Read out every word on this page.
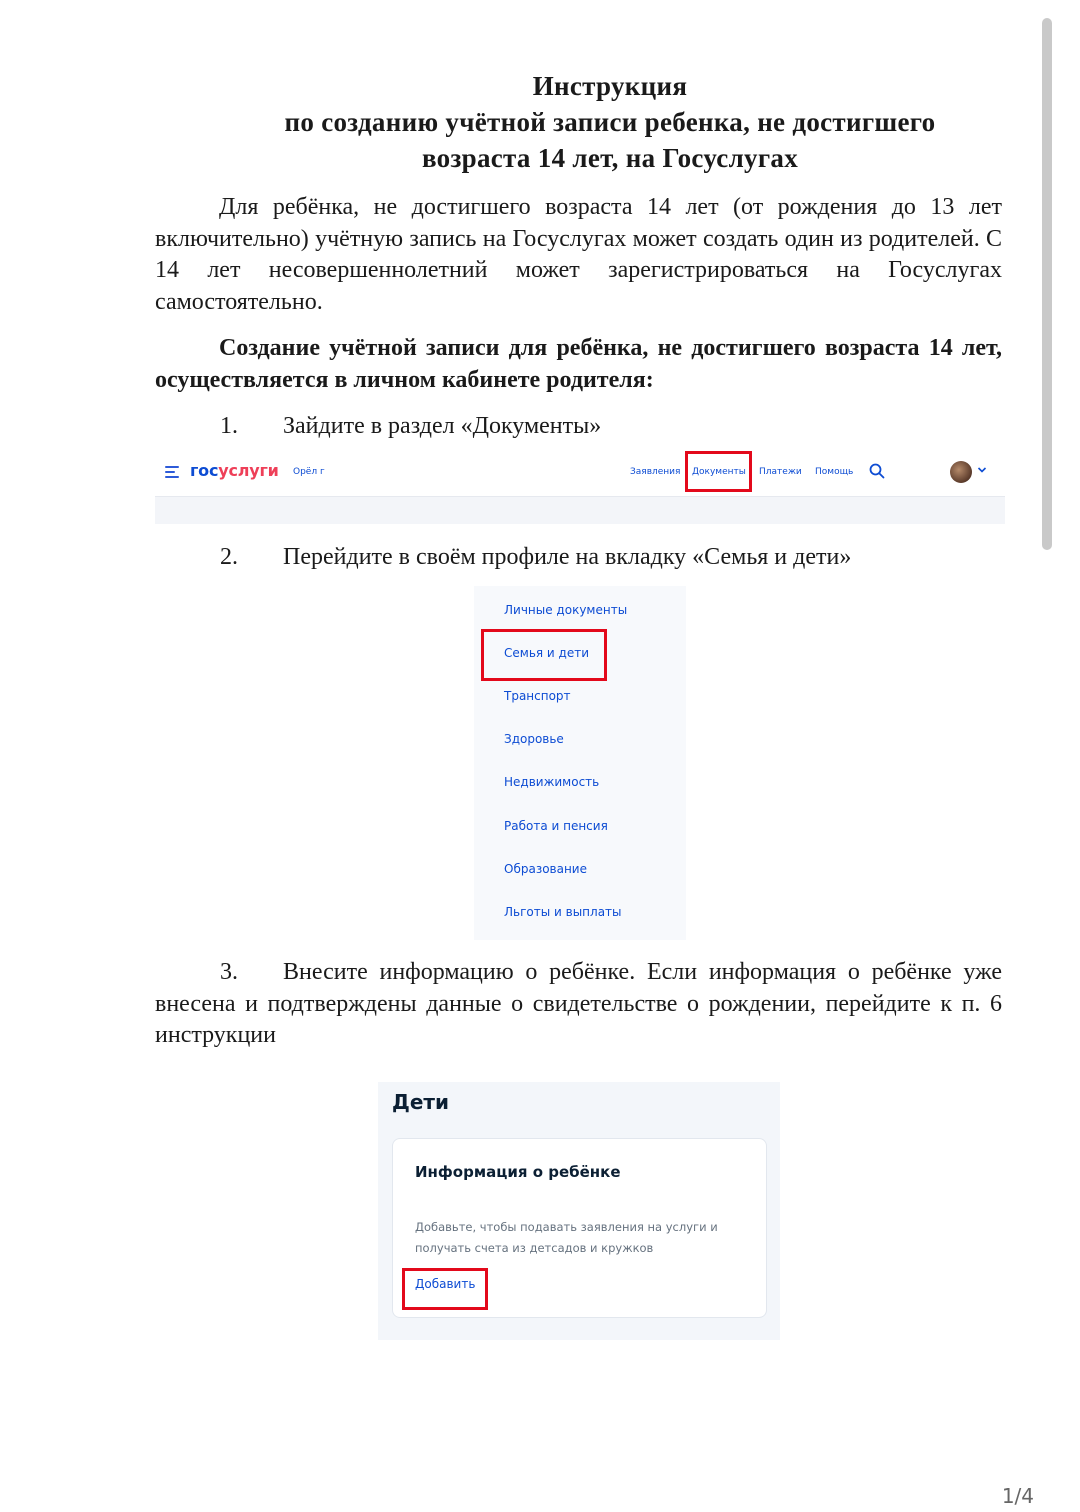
Инструкция
по созданию учётной записи ребенка, не достигшего
возраста 14 лет, на Госуслугах
Для ребёнка, не достигшего возраста 14 лет (от рождения до 13 лет включительно) учётную запись на Госуслугах может создать один из родителей. С 14 лет несовершеннолетний может зарегистрироваться на Госуслугах самостоятельно.
Создание учётной записи для ребёнка, не достигшего возраста 14 лет, осуществляется в личном кабинете родителя:
1. Зайдите в раздел «Документы»
госуслуги Орёл г	Заявления Документы Платежи Помощь
2. Перейдите в своём профиле на вкладку «Семья и дети»
Личные документы
Семья и дети
Транспорт
Здоровье
Недвижимость
Работа и пенсия
Образование
Льготы и выплаты
3. Внесите информацию о ребёнке. Если информация о ребёнке уже внесена и подтверждены данные о свидетельстве о рождении, перейдите к п. 6 инструкции
Дети
Информация о ребёнке
Добавьте, чтобы подавать заявления на услуги и
получать счета из детсадов и кружков
Добавить
1/4
